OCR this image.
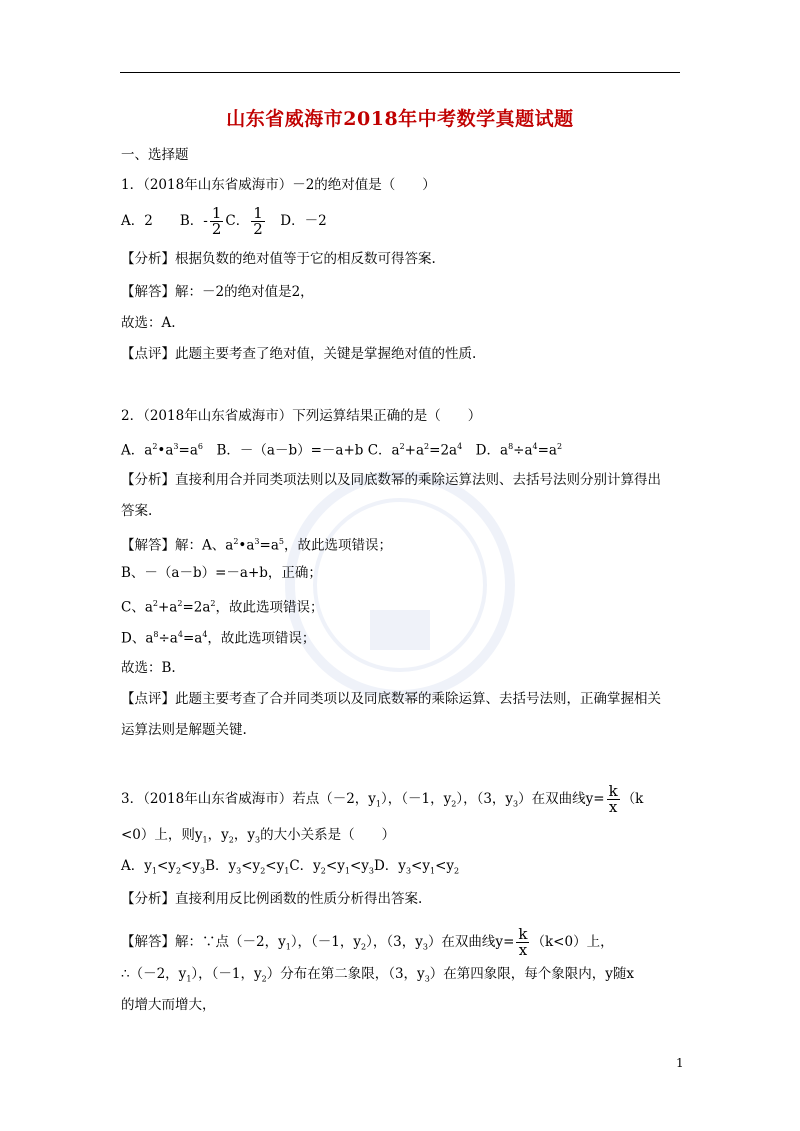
山东省威海市2018年中考数学真题试题
一、选择题
1．（2018年山东省威海市）－2的绝对值是（　　）
A．2　　B．- $\frac{1}{2}$ C． $\frac{1}{2}$ 　D．－2
【分析】根据负数的绝对值等于它的相反数可得答案.
【解答】解：－2的绝对值是2，
故选：A.
【点评】此题主要考查了绝对值，关键是掌握绝对值的性质.
2．（2018年山东省威海市）下列运算结果正确的是（　　）
A．$a^2•a^3=a^6$　B．－（a－b）=－a+b C．$a^2+a^2=2a^4$　D．$a^8\div a^4=a^2$
【分析】直接利用合并同类项法则以及同底数幂的乘除运算法则、去括号法则分别计算得出
答案.
【解答】解：A、$a^2•a^3=a^5$，故此选项错误；
B、－（a－b）=－a+b，正确；
C、$a^2+a^2=2a^2$，故此选项错误；
D、$a^8\div a^4=a^4$，故此选项错误；
故选：B.
【点评】此题主要考查了合并同类项以及同底数幂的乘除运算、去括号法则，正确掌握相关
运算法则是解题关键.
3．（2018年山东省威海市）若点（－2，$y_1$），（－1，$y_2$），（3，$y_3$）在双曲线$y= \frac{k}{x} (k$
<0）上，则$y_1$，$y_2$，$y_3$的大小关系是（　　）
A．$y_1<y_2<y_3B$．$y_3<y_2<y_1C$．$y_2<y_1<y_3D$．$y_3<y_1<y_2$
【分析】直接利用反比例函数的性质分析得出答案.
【解答】解：∵点（－2，$y_1$），（－1，$y_2$），（3，$y_3$）在双曲线$y= \frac{k}{x} (k<0)$上，
∴（－2，$y_1$），（－1，$y_2$）分布在第二象限，（3，$y_3$）在第四象限，每个象限内，y随x
的增大而增大，
1
